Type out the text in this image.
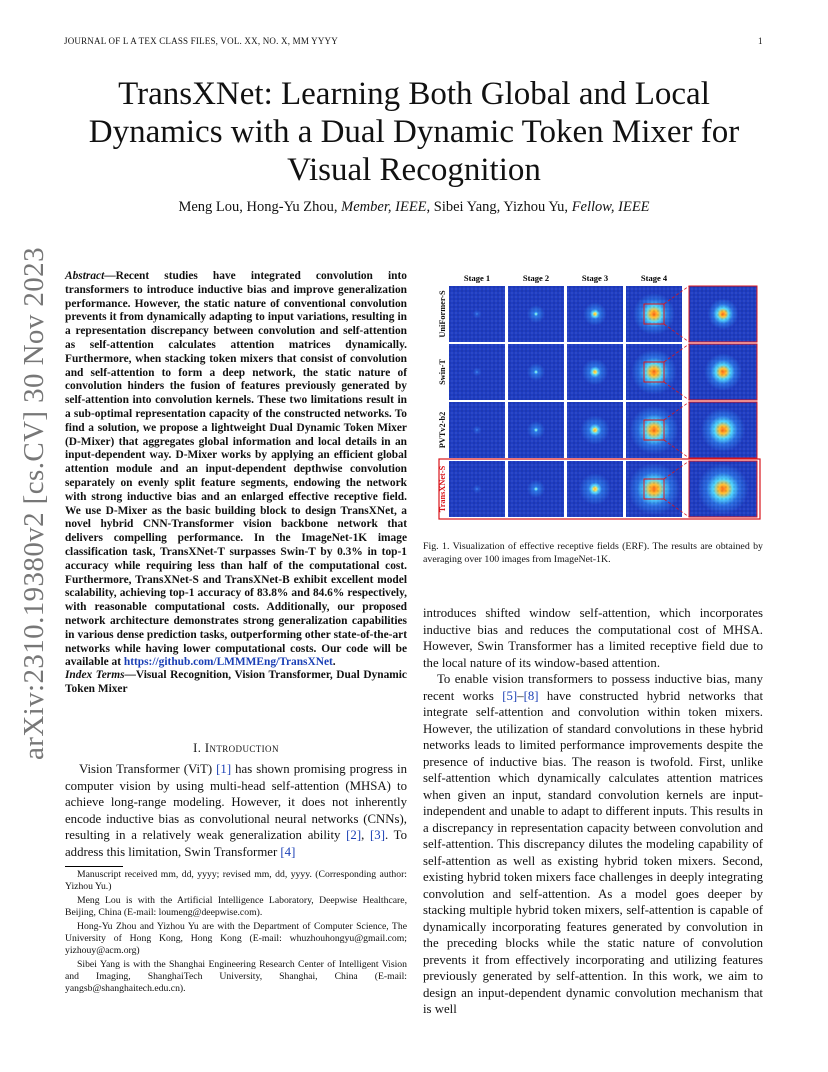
JOURNAL OF L A TEX CLASS FILES, VOL. XX, NO. X, MM YYYY	1
arXiv:2310.19380v2 [cs.CV] 30 Nov 2023
TransXNet: Learning Both Global and Local Dynamics with a Dual Dynamic Token Mixer for Visual Recognition
Meng Lou, Hong-Yu Zhou, Member, IEEE, Sibei Yang, Yizhou Yu, Fellow, IEEE
Abstract—Recent studies have integrated convolution into transformers to introduce inductive bias and improve generalization performance. However, the static nature of conventional convolution prevents it from dynamically adapting to input variations, resulting in a representation discrepancy between convolution and self-attention as self-attention calculates attention matrices dynamically. Furthermore, when stacking token mixers that consist of convolution and self-attention to form a deep network, the static nature of convolution hinders the fusion of features previously generated by self-attention into convolution kernels. These two limitations result in a sub-optimal representation capacity of the constructed networks. To find a solution, we propose a lightweight Dual Dynamic Token Mixer (D-Mixer) that aggregates global information and local details in an input-dependent way. D-Mixer works by applying an efficient global attention module and an input-dependent depthwise convolution separately on evenly split feature segments, endowing the network with strong inductive bias and an enlarged effective receptive field. We use D-Mixer as the basic building block to design TransXNet, a novel hybrid CNN-Transformer vision backbone network that delivers compelling performance. In the ImageNet-1K image classification task, TransXNet-T surpasses Swin-T by 0.3% in top-1 accuracy while requiring less than half of the computational cost. Furthermore, TransXNet-S and TransXNet-B exhibit excellent model scalability, achieving top-1 accuracy of 83.8% and 84.6% respectively, with reasonable computational costs. Additionally, our proposed network architecture demonstrates strong generalization capabilities in various dense prediction tasks, outperforming other state-of-the-art networks while having lower computational costs. Our code will be available at https://github.com/LMMMEng/TransXNet.
Index Terms—Visual Recognition, Vision Transformer, Dual Dynamic Token Mixer
I. Introduction

Vision Transformer (ViT) [1] has shown promising progress in computer vision by using multi-head self-attention (MHSA) to achieve long-range modeling. However, it does not inherently encode inductive bias as convolutional neural networks (CNNs), resulting in a relatively weak generalization ability [2], [3]. To address this limitation, Swin Transformer [4]

Manuscript received mm, dd, yyyy; revised mm, dd, yyyy. (Corresponding author: Yizhou Yu.)

Meng Lou is with the Artificial Intelligence Laboratory, Deepwise Healthcare, Beijing, China (E-mail: loumeng@deepwise.com).

Hong-Yu Zhou and Yizhou Yu are with the Department of Computer Science, The University of Hong Kong, Hong Kong (E-mail: whuzhouhongyu@gmail.com; yizhouy@acm.org)

Sibei Yang is with the Shanghai Engineering Research Center of Intelligent Vision and Imaging, ShanghaiTech University, Shanghai, China (E-mail: yangsb@shanghaitech.edu.cn).

Stage 1	Stage 2	Stage 3	Stage 4
UniFormer-S
Swin-T
PVTv2-b2
TransXNet-S
Fig. 1. Visualization of effective receptive fields (ERF). The results are obtained by averaging over 100 images from ImageNet-1K.

introduces shifted window self-attention, which incorporates inductive bias and reduces the computational cost of MHSA. However, Swin Transformer has a limited receptive field due to the local nature of its window-based attention.

To enable vision transformers to possess inductive bias, many recent works [5]–[8] have constructed hybrid networks that integrate self-attention and convolution within token mixers. However, the utilization of standard convolutions in these hybrid networks leads to limited performance improvements despite the presence of inductive bias. The reason is twofold. First, unlike self-attention which dynamically calculates attention matrices when given an input, standard convolution kernels are input-independent and unable to adapt to different inputs. This results in a discrepancy in representation capacity between convolution and self-attention. This discrepancy dilutes the modeling capability of self-attention as well as existing hybrid token mixers. Second, existing hybrid token mixers face challenges in deeply integrating convolution and self-attention. As a model goes deeper by stacking multiple hybrid token mixers, self-attention is capable of dynamically incorporating features generated by convolution in the preceding blocks while the static nature of convolution prevents it from effectively incorporating and utilizing features previously generated by self-attention. In this work, we aim to design an input-dependent dynamic convolution mechanism that is well
